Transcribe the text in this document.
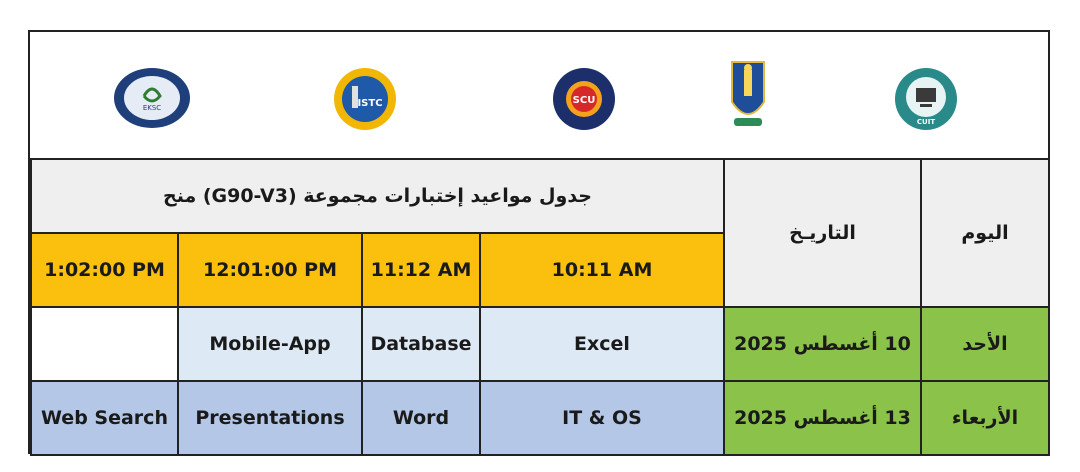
EKSC	ISTC	SCU
CUIT
جدول مواعيد إختبارات مجموعة (G90-V3) منح				التاريـخ	اليوم
1:02:00 PM	12:01:00 PM	11:12 AM	10:11 AM		
	Mobile-App	Database	Excel	10 أغسطس 2025	الأحد
Web Search	Presentations	Word	IT & OS	13 أغسطس 2025	الأربعاء
